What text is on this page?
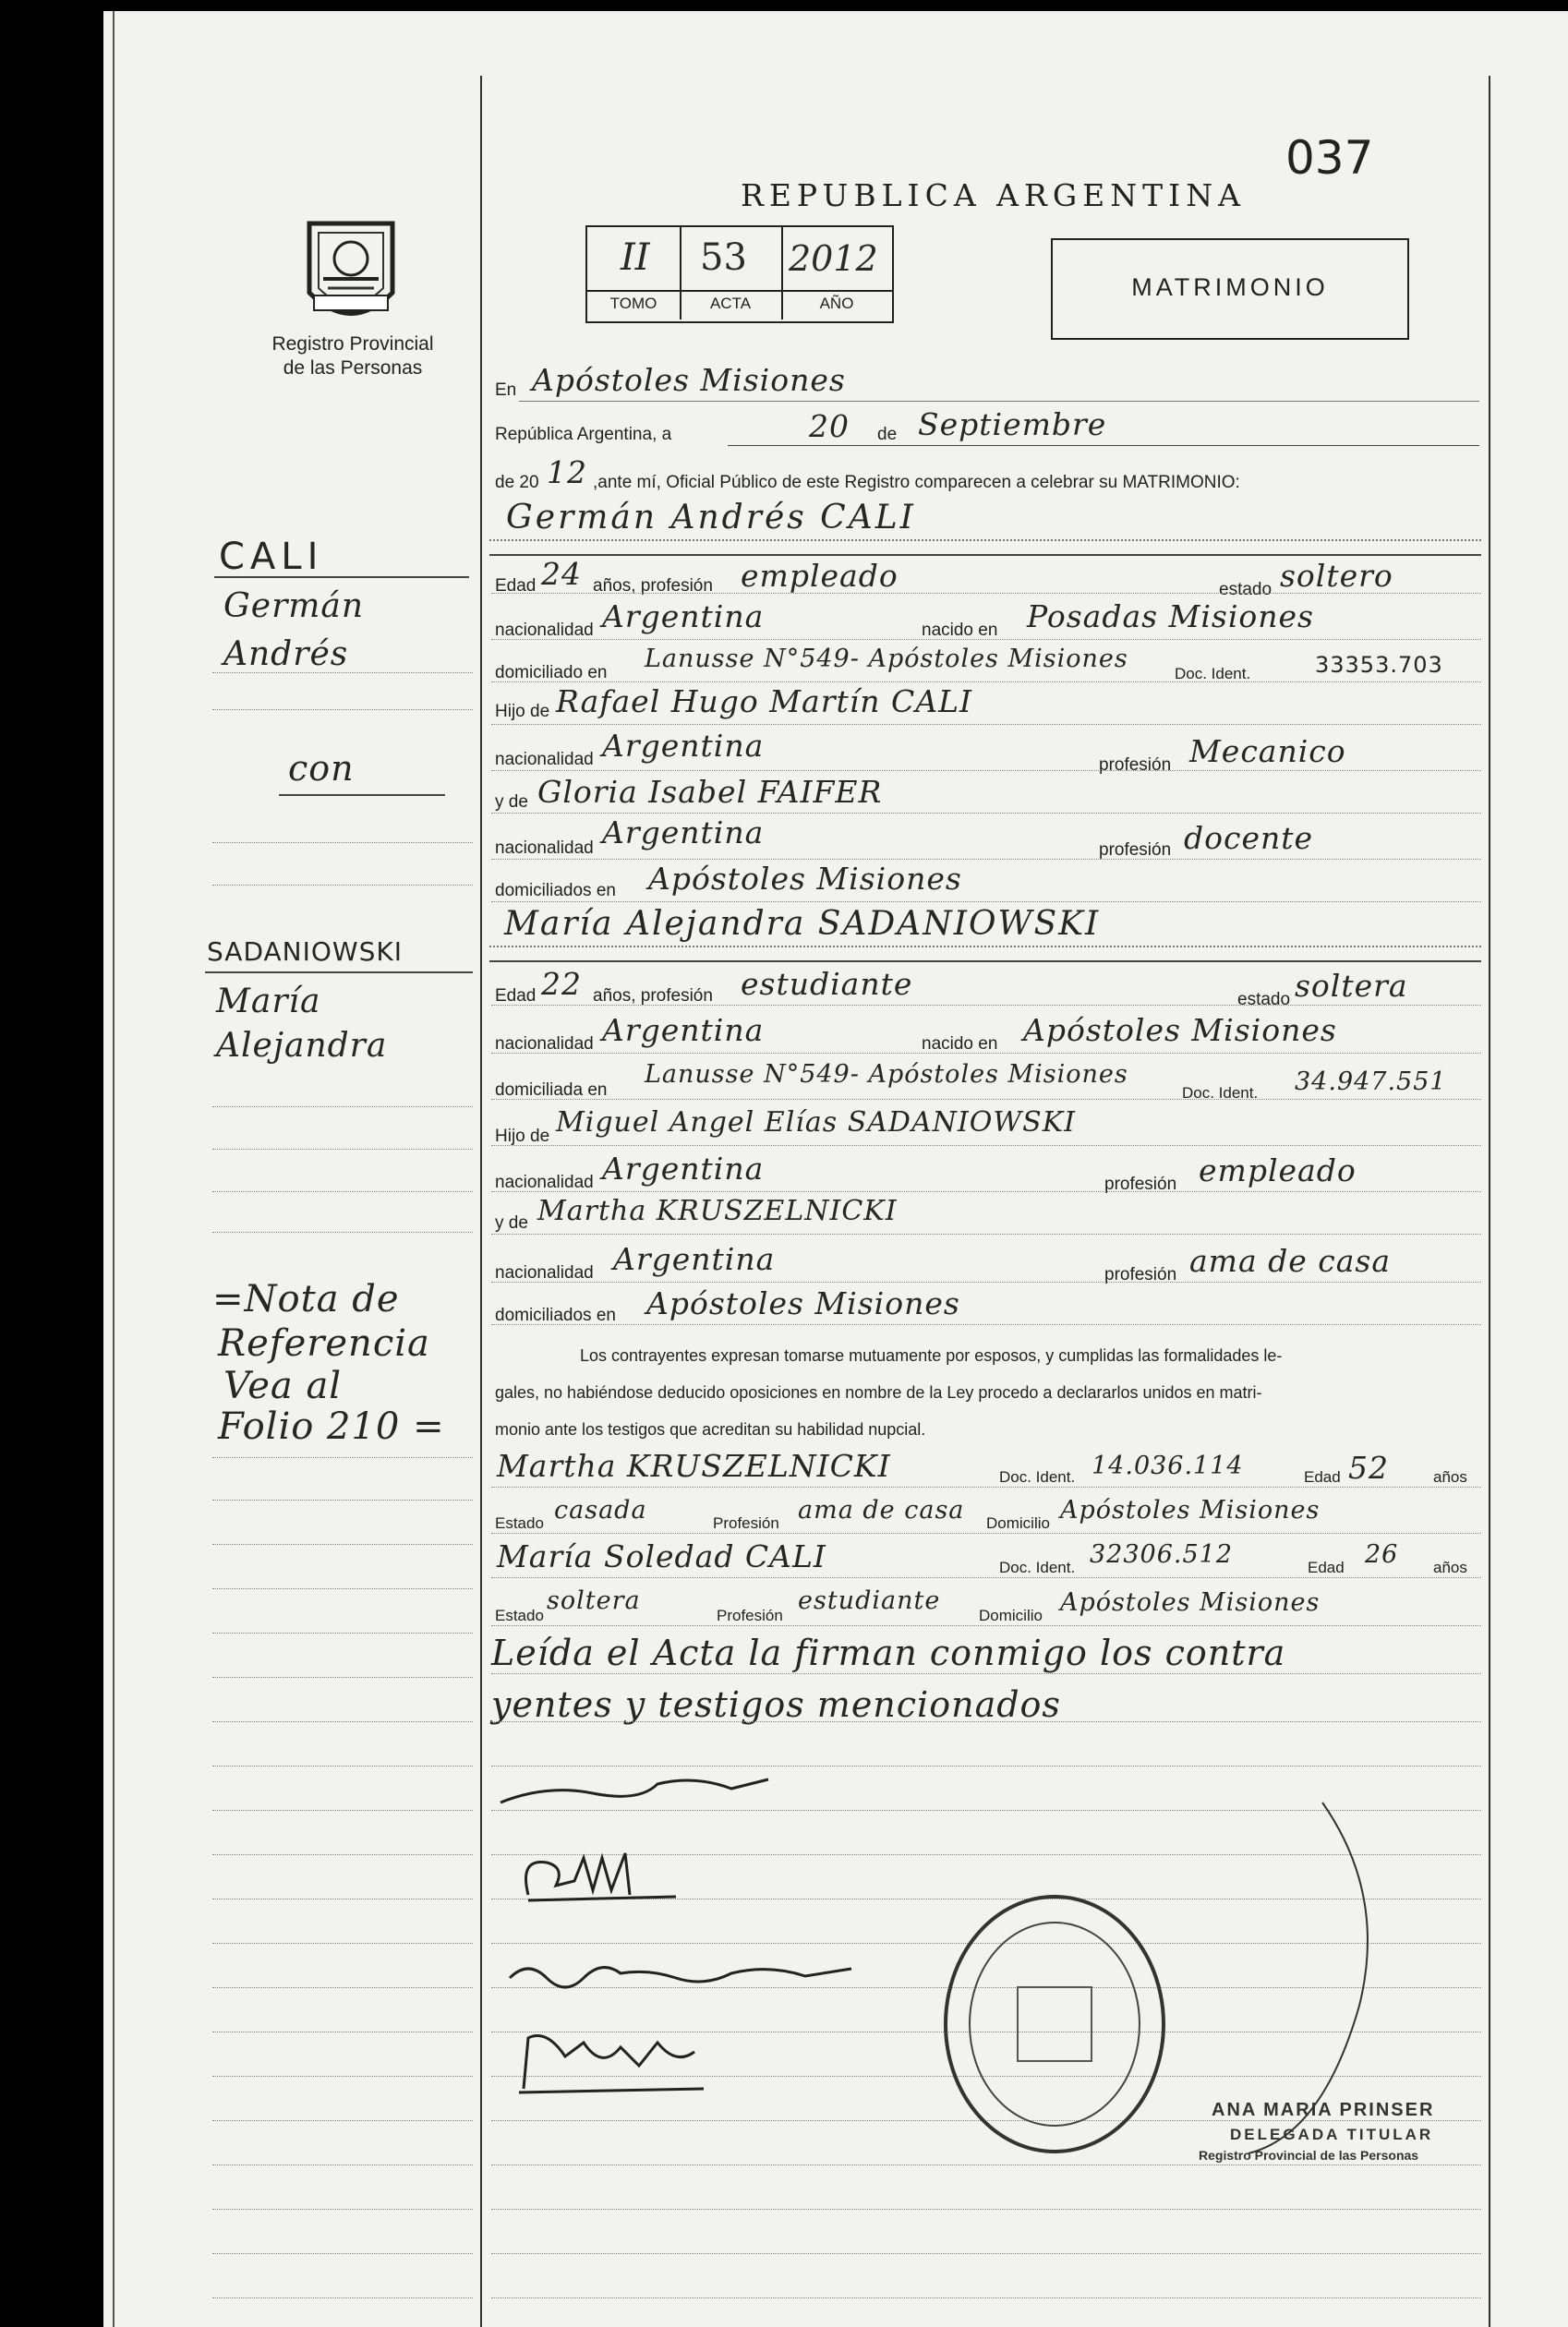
037
REPUBLICA ARGENTINA
Registro Provincial
de las Personas
II
TOMO
53
ACTA
2012
AÑO
MATRIMONIO
En Apóstoles Misiones
República Argentina, a	20 de Septiembre
de 20 12 ,ante mí, Oficial Público de este Registro comparecen a celebrar su MATRIMONIO:
Germán Andrés CALI
Edad 24 años, profesión empleado	estado soltero
nacionalidad Argentina	nacido en Posadas Misiones
domiciliado en Lanusse N°549- Apóstoles Misiones
Doc. Ident.	33353.703
Hijo de Rafael Hugo Martín CALI
nacionalidad Argentina
profesión Mecanico
y de Gloria Isabel FAIFER
nacionalidad Argentina	profesión docente
domiciliados en Apóstoles Misiones
María Alejandra SADANIOWSKI
Edad 22 años, profesión estudiante	estado soltera
nacionalidad Argentina	nacido en Apóstoles Misiones
domiciliada en
Lanusse N°549- Apóstoles Misiones
Doc. Ident. 34.947.551
Hijo de Miguel Angel Elías SADANIOWSKI
nacionalidad Argentina	profesión empleado
y de Martha KRUSZELNICKI
nacionalidad Argentina	profesión ama de casa
domiciliados en Apóstoles Misiones
Los contrayentes expresan tomarse mutuamente por esposos, y cumplidas las formalidades le-
gales, no habiéndose deducido oposiciones en nombre de la Ley procedo a declararlos unidos en matri-
monio ante los testigos que acreditan su habilidad nupcial.
Martha KRUSZELNICKI	Doc. Ident. 14.036.114	Edad 52	años
Estado casada	Profesión ama de casa Domicilio Apóstoles Misiones
María Soledad CALI	Doc. Ident. 32306.512	Edad 26 años
Estado
soltera
Profesión
estudiante
Domicilio Apóstoles Misiones
Leída el Acta la firman conmigo los contra
yentes y testigos mencionados
CALI
Germán
Andrés
con
SADANIOWSKI
María
Alejandra
=Nota de
Referencia
Vea al
Folio 210 =
ANA MARIA PRINSER
DELEGADA TITULAR
Registro Provincial de las Personas
